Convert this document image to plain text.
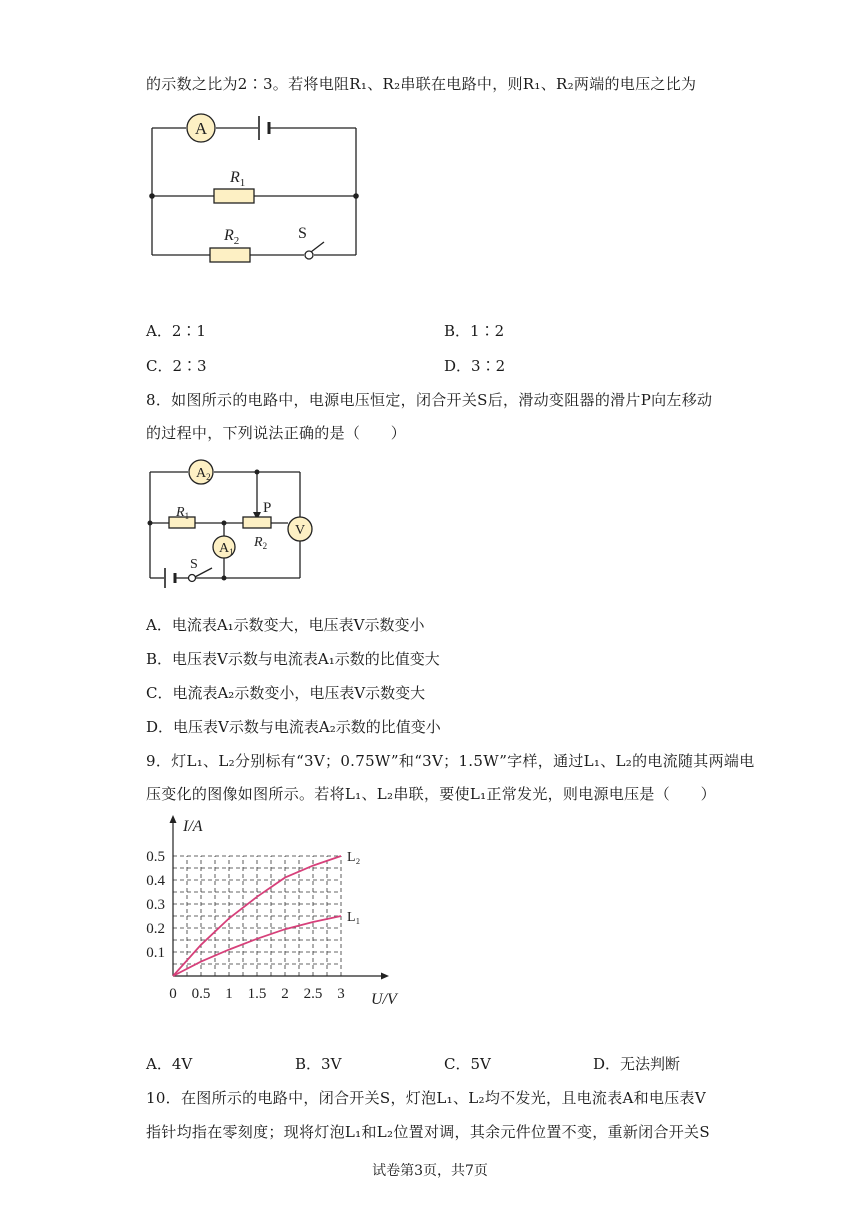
的示数之比为2∶3。若将电阻R₁、R₂串联在电路中，则R₁、R₂两端的电压之比为
A
$R_1$
$R_2$	S
A．2∶1	B．1∶2
C．2∶3	D．3∶2
8．如图所示的电路中，电源电压恒定，闭合开关S后，滑动变阻器的滑片P向左移动
的过程中，下列说法正确的是（　　）
$A_2$
$A_1$
V
$R_1$
$R_2$
P
S
A．电流表A₁示数变大，电压表V示数变小
B．电压表V示数与电流表A₁示数的比值变大
C．电流表A₂示数变小，电压表V示数变大
D．电压表V示数与电流表A₂示数的比值变小
9．灯L₁、L₂分别标有“3V；0.75W”和“3V；1.5W”字样，通过L₁、L₂的电流随其两端电
压变化的图像如图所示。若将L₁、L₂串联，要使L₁正常发光，则电源电压是（　　）
0 0.5 1 1.5 2 2.5 3
0.1
0.2
0.3
0.4
0.5
I/A
U/V
L₂
L₁
A．4V	B．3V	C．5V	D．无法判断
10．在图所示的电路中，闭合开关S，灯泡L₁、L₂均不发光，且电流表A和电压表V
指针均指在零刻度；现将灯泡L₁和L₂位置对调，其余元件位置不变，重新闭合开关S
试卷第3页，共7页
